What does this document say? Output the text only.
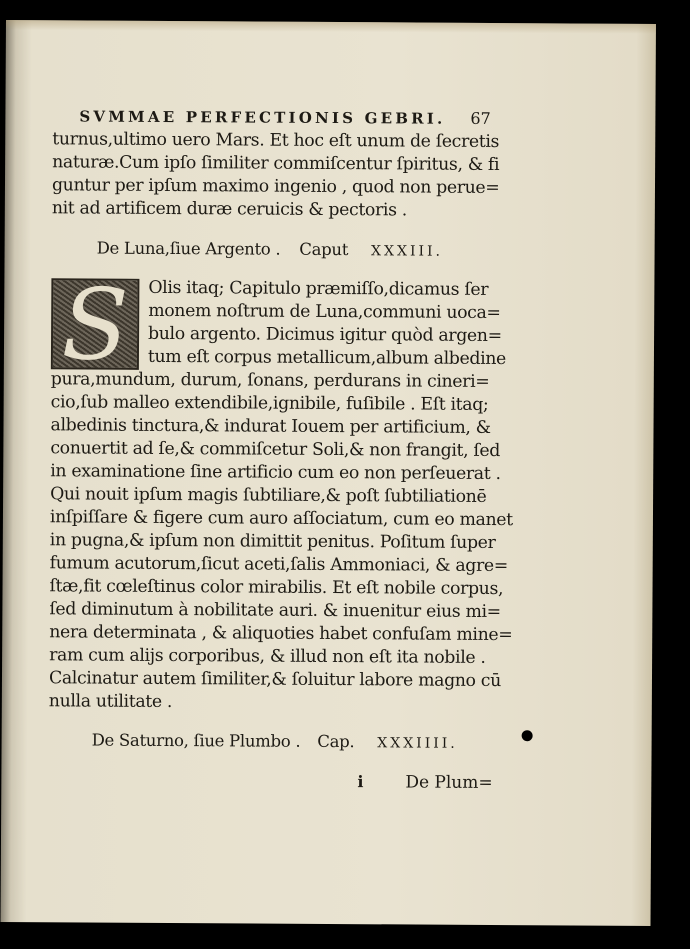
SVMMAE PERFECTIONIS GEBRI. 67
turnus,ultimo uero Mars. Et hoc eſt unum de ſecretis
naturæ.Cum ipſo ſimiliter commiſcentur ſpiritus, & fi
guntur per ipſum maximo ingenio , quod non perue=
nit ad artificem duræ ceruicis & pectoris .
De Luna,ſiue Argento . Caput XXXIII.
S	Olis itaq; Capitulo præmiſſo,dicamus ſer
monem noſtrum de Luna,communi uoca=
bulo argento. Dicimus igitur quòd argen=
tum eſt corpus metallicum,album albedine
pura,mundum, durum, ſonans, perdurans in cineri=
cio,ſub malleo extendibile,ignibile, fuſibile . Eſt itaq;
albedinis tinctura,& indurat Iouem per artificium, &
conuertit ad ſe,& commiſcetur Soli,& non frangit, ſed
in examinatione ſine artificio cum eo non perſeuerat .
Qui nouit ipſum magis ſubtiliare,& poſt ſubtiliationē
inſpiſſare & figere cum auro aſſociatum, cum eo manet
in pugna,& ipſum non dimittit penitus. Poſitum ſuper
fumum acutorum,ſicut aceti,ſalis Ammoniaci, & agre=
ſtæ,fit cœleſtinus color mirabilis. Et eſt nobile corpus,
ſed diminutum à nobilitate auri. & inuenitur eius mi=
nera determinata , & aliquoties habet confuſam mine=
ram cum alijs corporibus, & illud non eſt ita nobile .
Calcinatur autem ſimiliter,& ſoluitur labore magno cū
nulla utilitate .
De Saturno, ſiue Plumbo . Cap. XXXIIII.
i De Plum=
